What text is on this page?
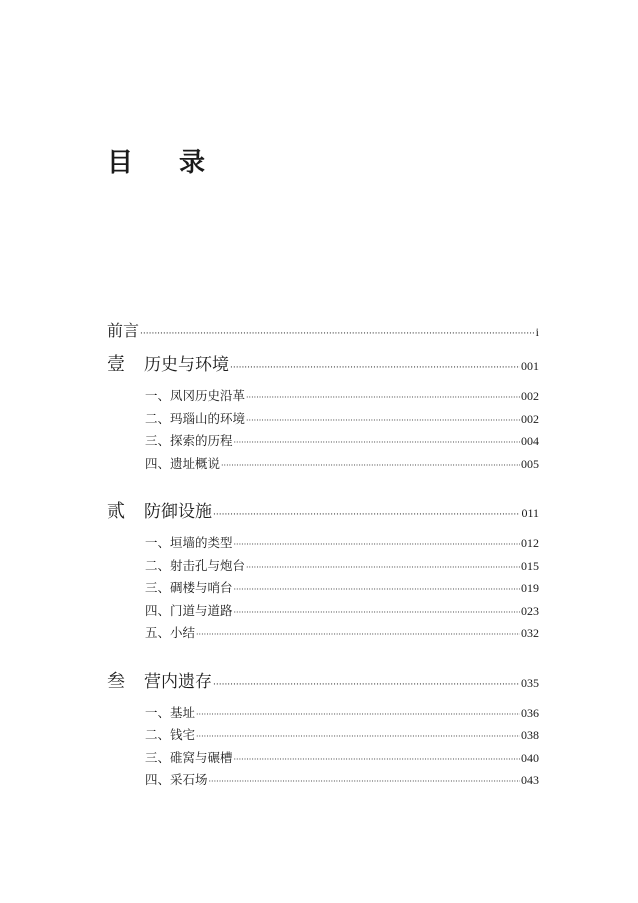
目 录
前言 ·····	i
壹 历史与环境 ·····	001
一、凤冈历史沿革 ·····	002
二、玛瑙山的环境 ·····	002
三、探索的历程 ·····	004
四、遗址概说 ·····	005
贰 防御设施 ·····	011
一、垣墙的类型 ·····	012
二、射击孔与炮台 ·····	015
三、碉楼与哨台 ·····	019
四、门道与道路 ·····	023
五、小结 ·····	032
叁 营内遗存 ·····	035
一、基址 ·····	036
二、钱宅 ·····	038
三、碓窝与碾槽 ·····	040
四、采石场 ·····	043
